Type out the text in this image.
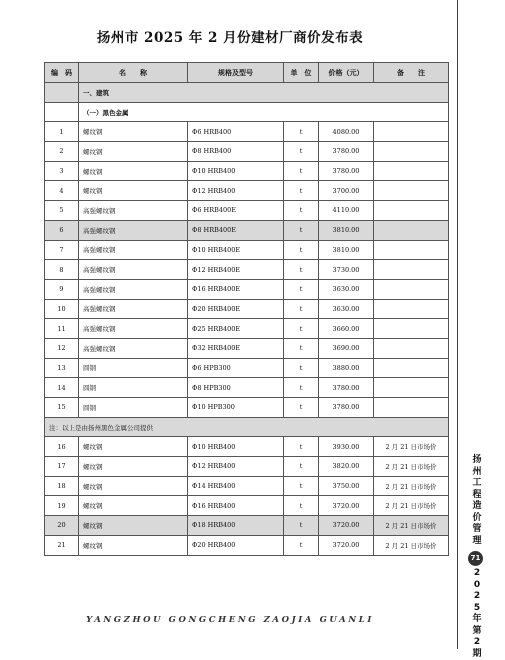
扬州市 2025 年 2 月份建材厂商价发布表
编　码	名　　称	规格及型号	单　位	价格（元）	备　　注
	一、建筑				
	（一）黑色金属				
1	螺纹钢	Φ6 HRB400	t	4080.00	
2	螺纹钢	Φ8 HRB400	t	3780.00	
3	螺纹钢	Φ10 HRB400	t	3780.00	
4	螺纹钢	Φ12 HRB400	t	3700.00	
5	高强螺纹钢	Φ6 HRB400E	t	4110.00	
6	高强螺纹钢	Φ8 HRB400E	t	3810.00	
7	高强螺纹钢	Φ10 HRB400E	t	3810.00	
8	高强螺纹钢	Φ12 HRB400E	t	3730.00	
9	高强螺纹钢	Φ16 HRB400E	t	3630.00	
10	高强螺纹钢	Φ20 HRB400E	t	3630.00	
11	高强螺纹钢	Φ25 HRB400E	t	3660.00	
12	高强螺纹钢	Φ32 HRB400E	t	3690.00	
13	圆钢	Φ6 HPB300	t	3880.00	
14	圆钢	Φ8 HPB300	t	3780.00	
15	圆钢	Φ10 HPB300	t	3780.00	
注：以上是由扬州黑色金属公司提供					
16	螺纹钢	Φ10 HRB400	t	3930.00	2 月 21 日市场价
17	螺纹钢	Φ12 HRB400	t	3820.00	2 月 21 日市场价
18	螺纹钢	Φ14 HRB400	t	3750.00	2 月 21 日市场价
19	螺纹钢	Φ16 HRB400	t	3720.00	2 月 21 日市场价
20	螺纹钢	Φ18 HRB400	t	3720.00	2 月 21 日市场价
21	螺纹钢	Φ20 HRB400	t	3720.00	2 月 21 日市场价
扬
州
工
程
造
价
管
理
71
2
0
2
5
年
第
2
期
YANGZHOU GONGCHENG ZAOJIA GUANLI
